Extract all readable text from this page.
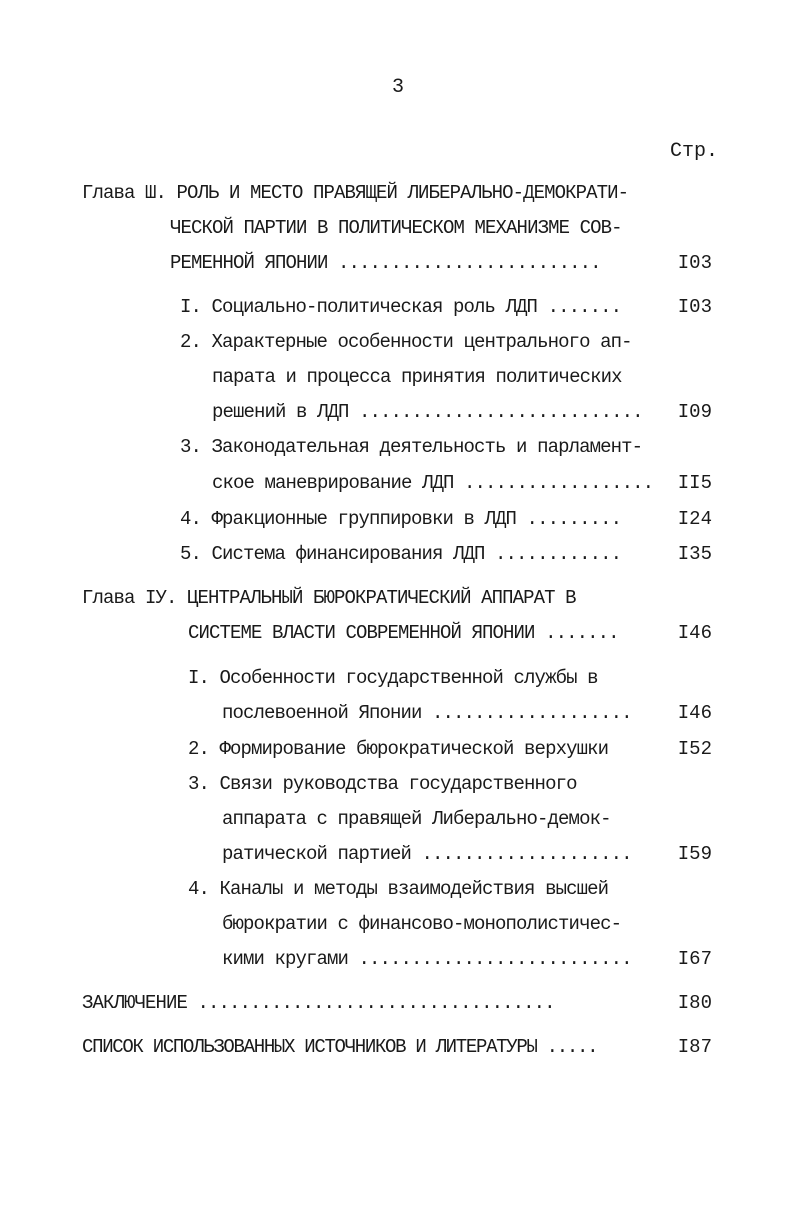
3
Стр.
Глава Ш. РОЛЬ И МЕСТО ПРАВЯЩЕЙ ЛИБЕРАЛЬНО-ДЕМОКРАТИ-
ЧЕСКОЙ ПАРТИИ В ПОЛИТИЧЕСКОМ МЕХАНИЗМЕ СОВ-
РЕМЕННОЙ ЯПОНИИ .........................	I03
I. Социально-политическая роль ЛДП .......	I03
2. Характерные особенности центрального ап-
парата и процесса принятия политических
решений в ЛДП ...........................	I09
3. Законодательная деятельность и парламент-
ское маневрирование ЛДП ..................	II5
4. Фракционные группировки в ЛДП .........	I24
5. Система финансирования ЛДП ............	I35
Глава IУ. ЦЕНТРАЛЬНЫЙ БЮРОКРАТИЧЕСКИЙ АППАРАТ В
СИСТЕМЕ ВЛАСТИ СОВРЕМЕННОЙ ЯПОНИИ .......	I46
I. Особенности государственной службы в
послевоенной Японии ...................	I46
2. Формирование бюрократической верхушки	I52
3. Связи руководства государственного
аппарата с правящей Либерально-демок-
ратической партией ....................	I59
4. Каналы и методы взаимодействия высшей
бюрократии с финансово-монополистичес-
кими кругами ..........................	I67
ЗАКЛЮЧЕНИЕ ..................................	I80
СПИСОК ИСПОЛЬЗОВАННЫХ ИСТОЧНИКОВ И ЛИТЕРАТУРЫ .....	I87
